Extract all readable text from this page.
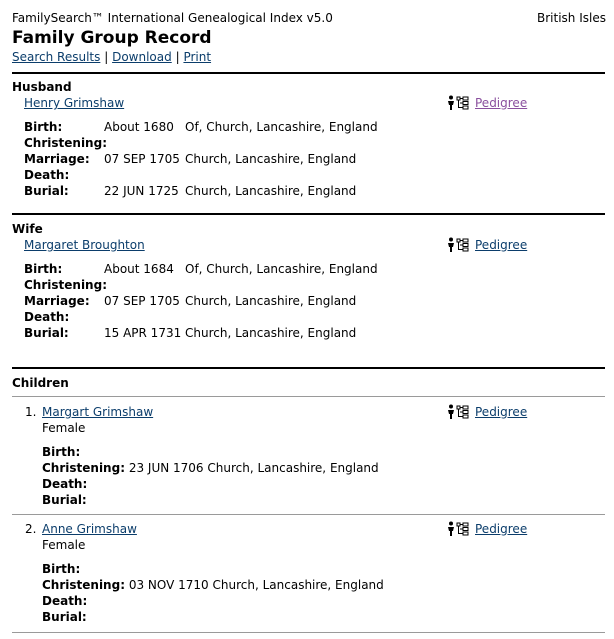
FamilySearch™ International Genealogical Index v5.0	British Isles
Family Group Record
Search Results | Download | Print
Husband
Henry Grimshaw	Pedigree
Birth:	About 1680 Of, Church, Lancashire, England
Christening:
Marriage: 07 SEP 1705 Church, Lancashire, England
Death:
Burial:	22 JUN 1725 Church, Lancashire, England
Wife
Margaret Broughton	Pedigree
Birth:	About 1684 Of, Church, Lancashire, England
Christening:
Marriage: 07 SEP 1705 Church, Lancashire, England
Death:
Burial:	15 APR 1731 Church, Lancashire, England
Children
1. Margart Grimshaw	Pedigree
Female
Birth:
Christening: 23 JUN 1706 Church, Lancashire, England
Death:
Burial:
2. Anne Grimshaw	Pedigree
Female
Birth:
Christening: 03 NOV 1710 Church, Lancashire, England
Death:
Burial:
